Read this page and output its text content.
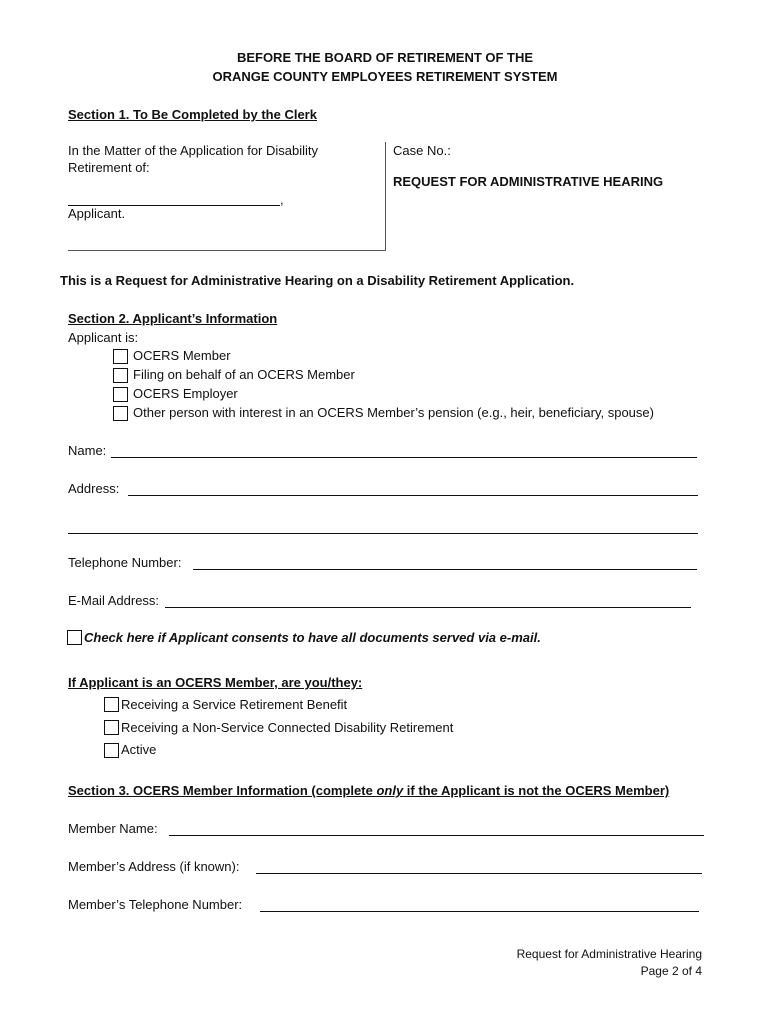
BEFORE THE BOARD OF RETIREMENT OF THE
ORANGE COUNTY EMPLOYEES RETIREMENT SYSTEM
Section 1. To Be Completed by the Clerk
In the Matter of the Application for Disability
Retirement of:
,
Applicant.
Case No.:
REQUEST FOR ADMINISTRATIVE HEARING
This is a Request for Administrative Hearing on a Disability Retirement Application.
Section 2. Applicant’s Information
Applicant is:
OCERS Member
Filing on behalf of an OCERS Member
OCERS Employer
Other person with interest in an OCERS Member’s pension (e.g., heir, beneficiary, spouse)
Name:
Address:
Telephone Number:
E-Mail Address:
Check here if Applicant consents to have all documents served via e-mail.
If Applicant is an OCERS Member, are you/they:
Receiving a Service Retirement Benefit
Receiving a Non-Service Connected Disability Retirement
Active
Section 3. OCERS Member Information (complete only if the Applicant is not the OCERS Member)
Member Name:
Member’s Address (if known):
Member’s Telephone Number:
Request for Administrative Hearing
Page 2 of 4
